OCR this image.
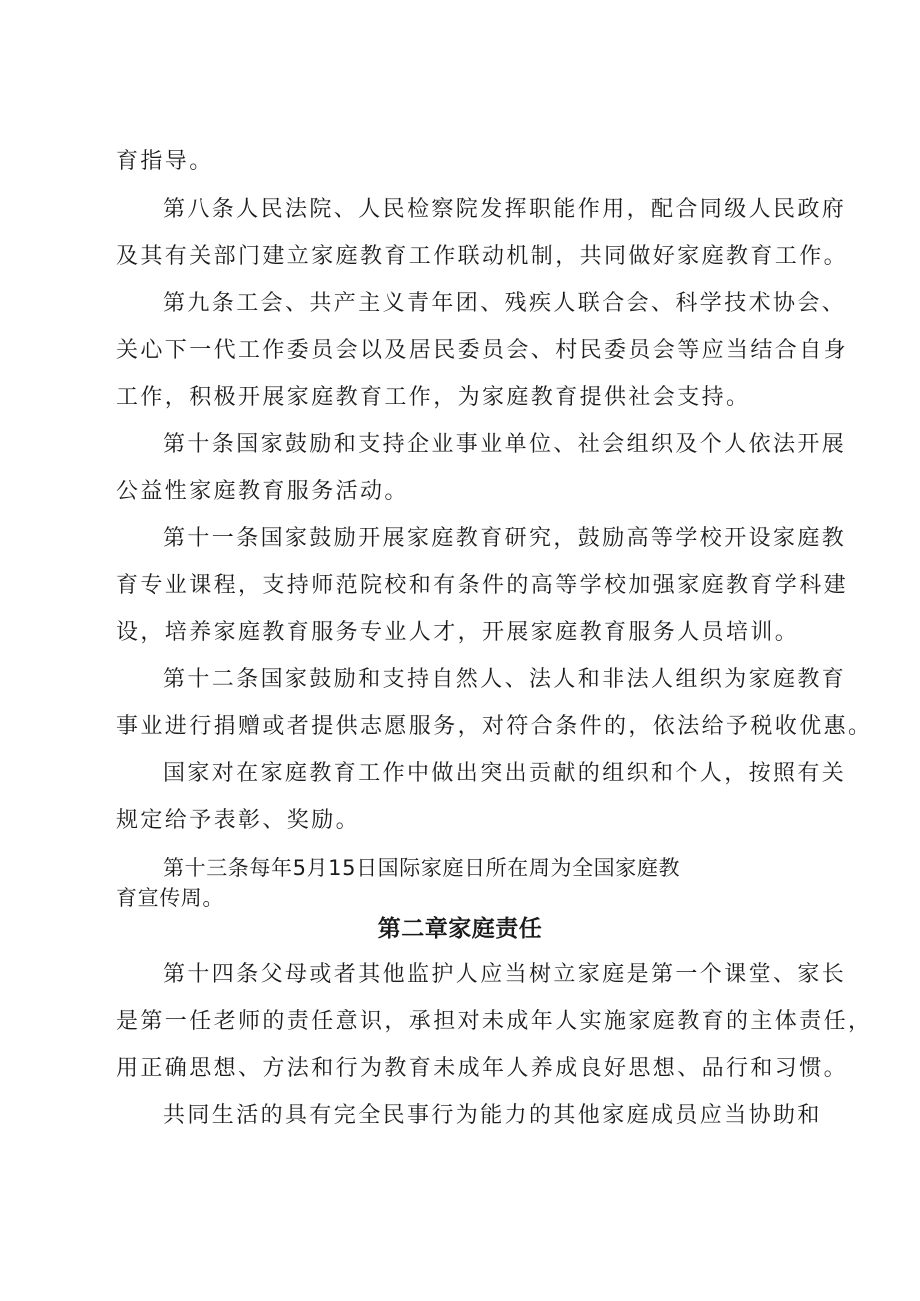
育指导。
第八条人民法院、人民检察院发挥职能作用，配合同级人民政府
及其有关部门建立家庭教育工作联动机制，共同做好家庭教育工作。
第九条工会、共产主义青年团、残疾人联合会、科学技术协会、
关心下一代工作委员会以及居民委员会、村民委员会等应当结合自身
工作，积极开展家庭教育工作，为家庭教育提供社会支持。
第十条国家鼓励和支持企业事业单位、社会组织及个人依法开展
公益性家庭教育服务活动。
第十一条国家鼓励开展家庭教育研究，鼓励高等学校开设家庭教
育专业课程，支持师范院校和有条件的高等学校加强家庭教育学科建
设，培养家庭教育服务专业人才，开展家庭教育服务人员培训。
第十二条国家鼓励和支持自然人、法人和非法人组织为家庭教育
事业进行捐赠或者提供志愿服务，对符合条件的，依法给予税收优惠。
国家对在家庭教育工作中做出突出贡献的组织和个人，按照有关
规定给予表彰、奖励。
第十三条每年5月15日国际家庭日所在周为全国家庭教
育宣传周。
第二章家庭责任
第十四条父母或者其他监护人应当树立家庭是第一个课堂、家长
是第一任老师的责任意识，承担对未成年人实施家庭教育的主体责任，
用正确思想、方法和行为教育未成年人养成良好思想、品行和习惯。
共同生活的具有完全民事行为能力的其他家庭成员应当协助和
